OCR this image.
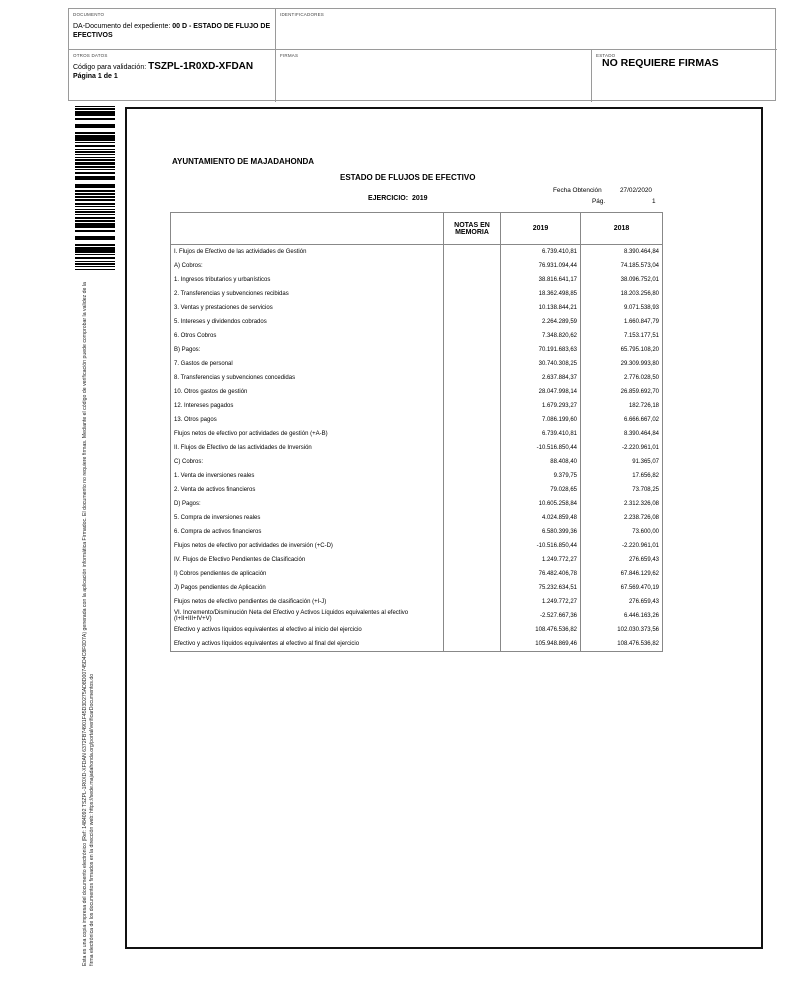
DOCUMENTO
DA-Documento del expediente: 00 D - ESTADO DE FLUJO DE EFECTIVOS
IDENTIFICADORES
OTROS DATOS
Código para validación: TSZPL-1R0XD-XFDAN
Página 1 de 1
FIRMAS	ESTADO
NO REQUIERE FIRMAS
Esta es una copia impresa del documento electrónico (Ref: 1484092 TSZPL-1R0XD-XFDAN 6372FB74901F45D3D275AD8D00745D4C8F0D7A) generada con la aplicación informática Firmadoc. El documento no requiere firmas. Mediante el código de verificación puede comprobar la validez de la firma electrónica de los documentos firmados en la dirección web: https://sede.majadahonda.org/portal/verificarDocumentos.do
AYUNTAMIENTO DE MAJADAHONDA
ESTADO DE FLUJOS DE EFECTIVO
EJERCICIO: 2019
Fecha Obtención	27/02/2020
Pág.	1
	NOTAS EN MEMORIA	2019	2018
I. Flujos de Efectivo de las actividades de Gestión		6.739.410,81	8.390.464,84
A) Cobros:		76.931.094,44	74.185.573,04
1. Ingresos tributarios y urbanísticos		38.816.641,17	38.096.752,01
2. Transferencias y subvenciones recibidas		18.362.498,85	18.203.256,80
3. Ventas y prestaciones de servicios		10.138.844,21	9.071.538,93
5. Intereses y dividendos cobrados		2.264.289,59	1.660.847,79
6. Otros Cobros		7.348.820,62	7.153.177,51
B) Pagos:		70.191.683,63	65.795.108,20
7. Gastos de personal		30.740.308,25	29.309.993,80
8. Transferencias y subvenciones concedidas		2.637.884,37	2.776.028,50
10. Otros gastos de gestión		28.047.998,14	26.859.692,70
12. Intereses pagados		1.679.293,27	182.726,18
13. Otros pagos		7.086.199,60	6.666.667,02
Flujos netos de efectivo por actividades de gestión (+A-B)		6.739.410,81	8.390.464,84
II. Flujos de Efectivo de las actividades de Inversión		-10.516.850,44	-2.220.961,01
C) Cobros:		88.408,40	91.365,07
1. Venta de inversiones reales		9.379,75	17.656,82
2. Venta de activos financieros		79.028,65	73.708,25
D) Pagos:		10.605.258,84	2.312.326,08
5. Compra de inversiones reales		4.024.859,48	2.238.726,08
6. Compra de activos financieros		6.580.399,36	73.600,00
Flujos netos de efectivo por actividades de inversión (+C-D)		-10.516.850,44	-2.220.961,01
IV. Flujos de Efectivo Pendientes de Clasificación		1.249.772,27	276.659,43
I) Cobros pendientes de aplicación		76.482.406,78	67.846.129,62
J) Pagos pendientes de Aplicación		75.232.634,51	67.569.470,19
Flujos netos de efectivo pendientes de clasificación (+I-J)		1.249.772,27	276.659,43
VI. Incremento/Disminución Neta del Efectivo y Activos Líquidos equivalentes al efectivo (I+II+III+IV+V)		-2.527.667,36	6.446.163,26
Efectivo y activos líquidos equivalentes al efectivo al inicio del ejercicio		108.476.536,82	102.030.373,56
Efectivo y activos líquidos equivalentes al efectivo al final del ejercicio		105.948.869,46	108.476.536,82
